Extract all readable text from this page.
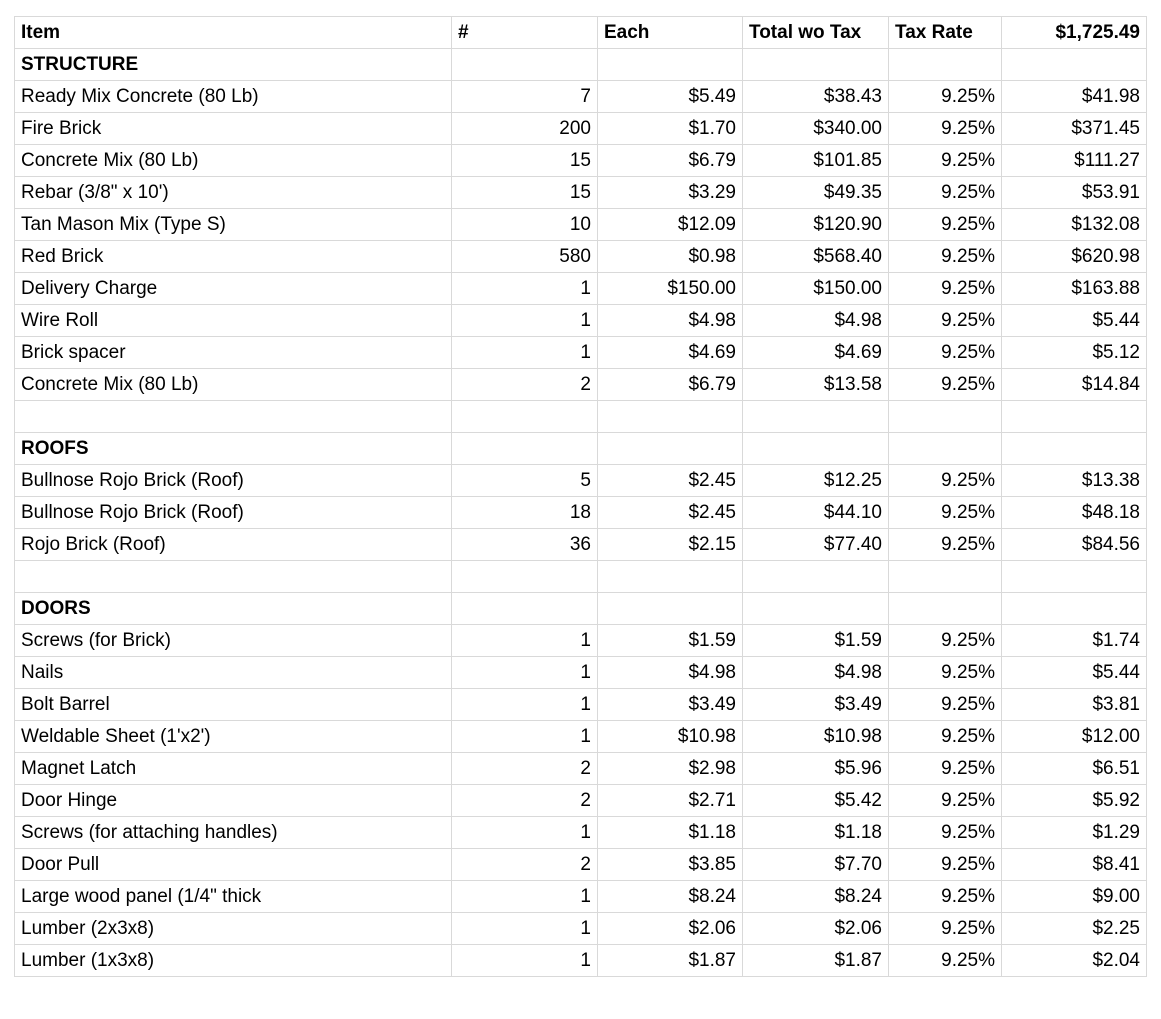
Item	#	Each	Total wo Tax	Tax Rate	$1,725.49
STRUCTURE					
Ready Mix Concrete (80 Lb)	7	$5.49	$38.43	9.25%	$41.98
Fire Brick	200	$1.70	$340.00	9.25%	$371.45
Concrete Mix (80 Lb)	15	$6.79	$101.85	9.25%	$111.27
Rebar (3/8" x 10')	15	$3.29	$49.35	9.25%	$53.91
Tan Mason Mix (Type S)	10	$12.09	$120.90	9.25%	$132.08
Red Brick	580	$0.98	$568.40	9.25%	$620.98
Delivery Charge	1	$150.00	$150.00	9.25%	$163.88
Wire Roll	1	$4.98	$4.98	9.25%	$5.44
Brick spacer	1	$4.69	$4.69	9.25%	$5.12
Concrete Mix (80 Lb)	2	$6.79	$13.58	9.25%	$14.84

ROOFS					
Bullnose Rojo Brick (Roof)	5	$2.45	$12.25	9.25%	$13.38
Bullnose Rojo Brick (Roof)	18	$2.45	$44.10	9.25%	$48.18
Rojo Brick (Roof)	36	$2.15	$77.40	9.25%	$84.56

DOORS					
Screws (for Brick)	1	$1.59	$1.59	9.25%	$1.74
Nails	1	$4.98	$4.98	9.25%	$5.44
Bolt Barrel	1	$3.49	$3.49	9.25%	$3.81
Weldable Sheet (1'x2')	1	$10.98	$10.98	9.25%	$12.00
Magnet Latch	2	$2.98	$5.96	9.25%	$6.51
Door Hinge	2	$2.71	$5.42	9.25%	$5.92
Screws (for attaching handles)	1	$1.18	$1.18	9.25%	$1.29
Door Pull	2	$3.85	$7.70	9.25%	$8.41
Large wood panel (1/4" thick	1	$8.24	$8.24	9.25%	$9.00
Lumber (2x3x8)	1	$2.06	$2.06	9.25%	$2.25
Lumber (1x3x8)	1	$1.87	$1.87	9.25%	$2.04
